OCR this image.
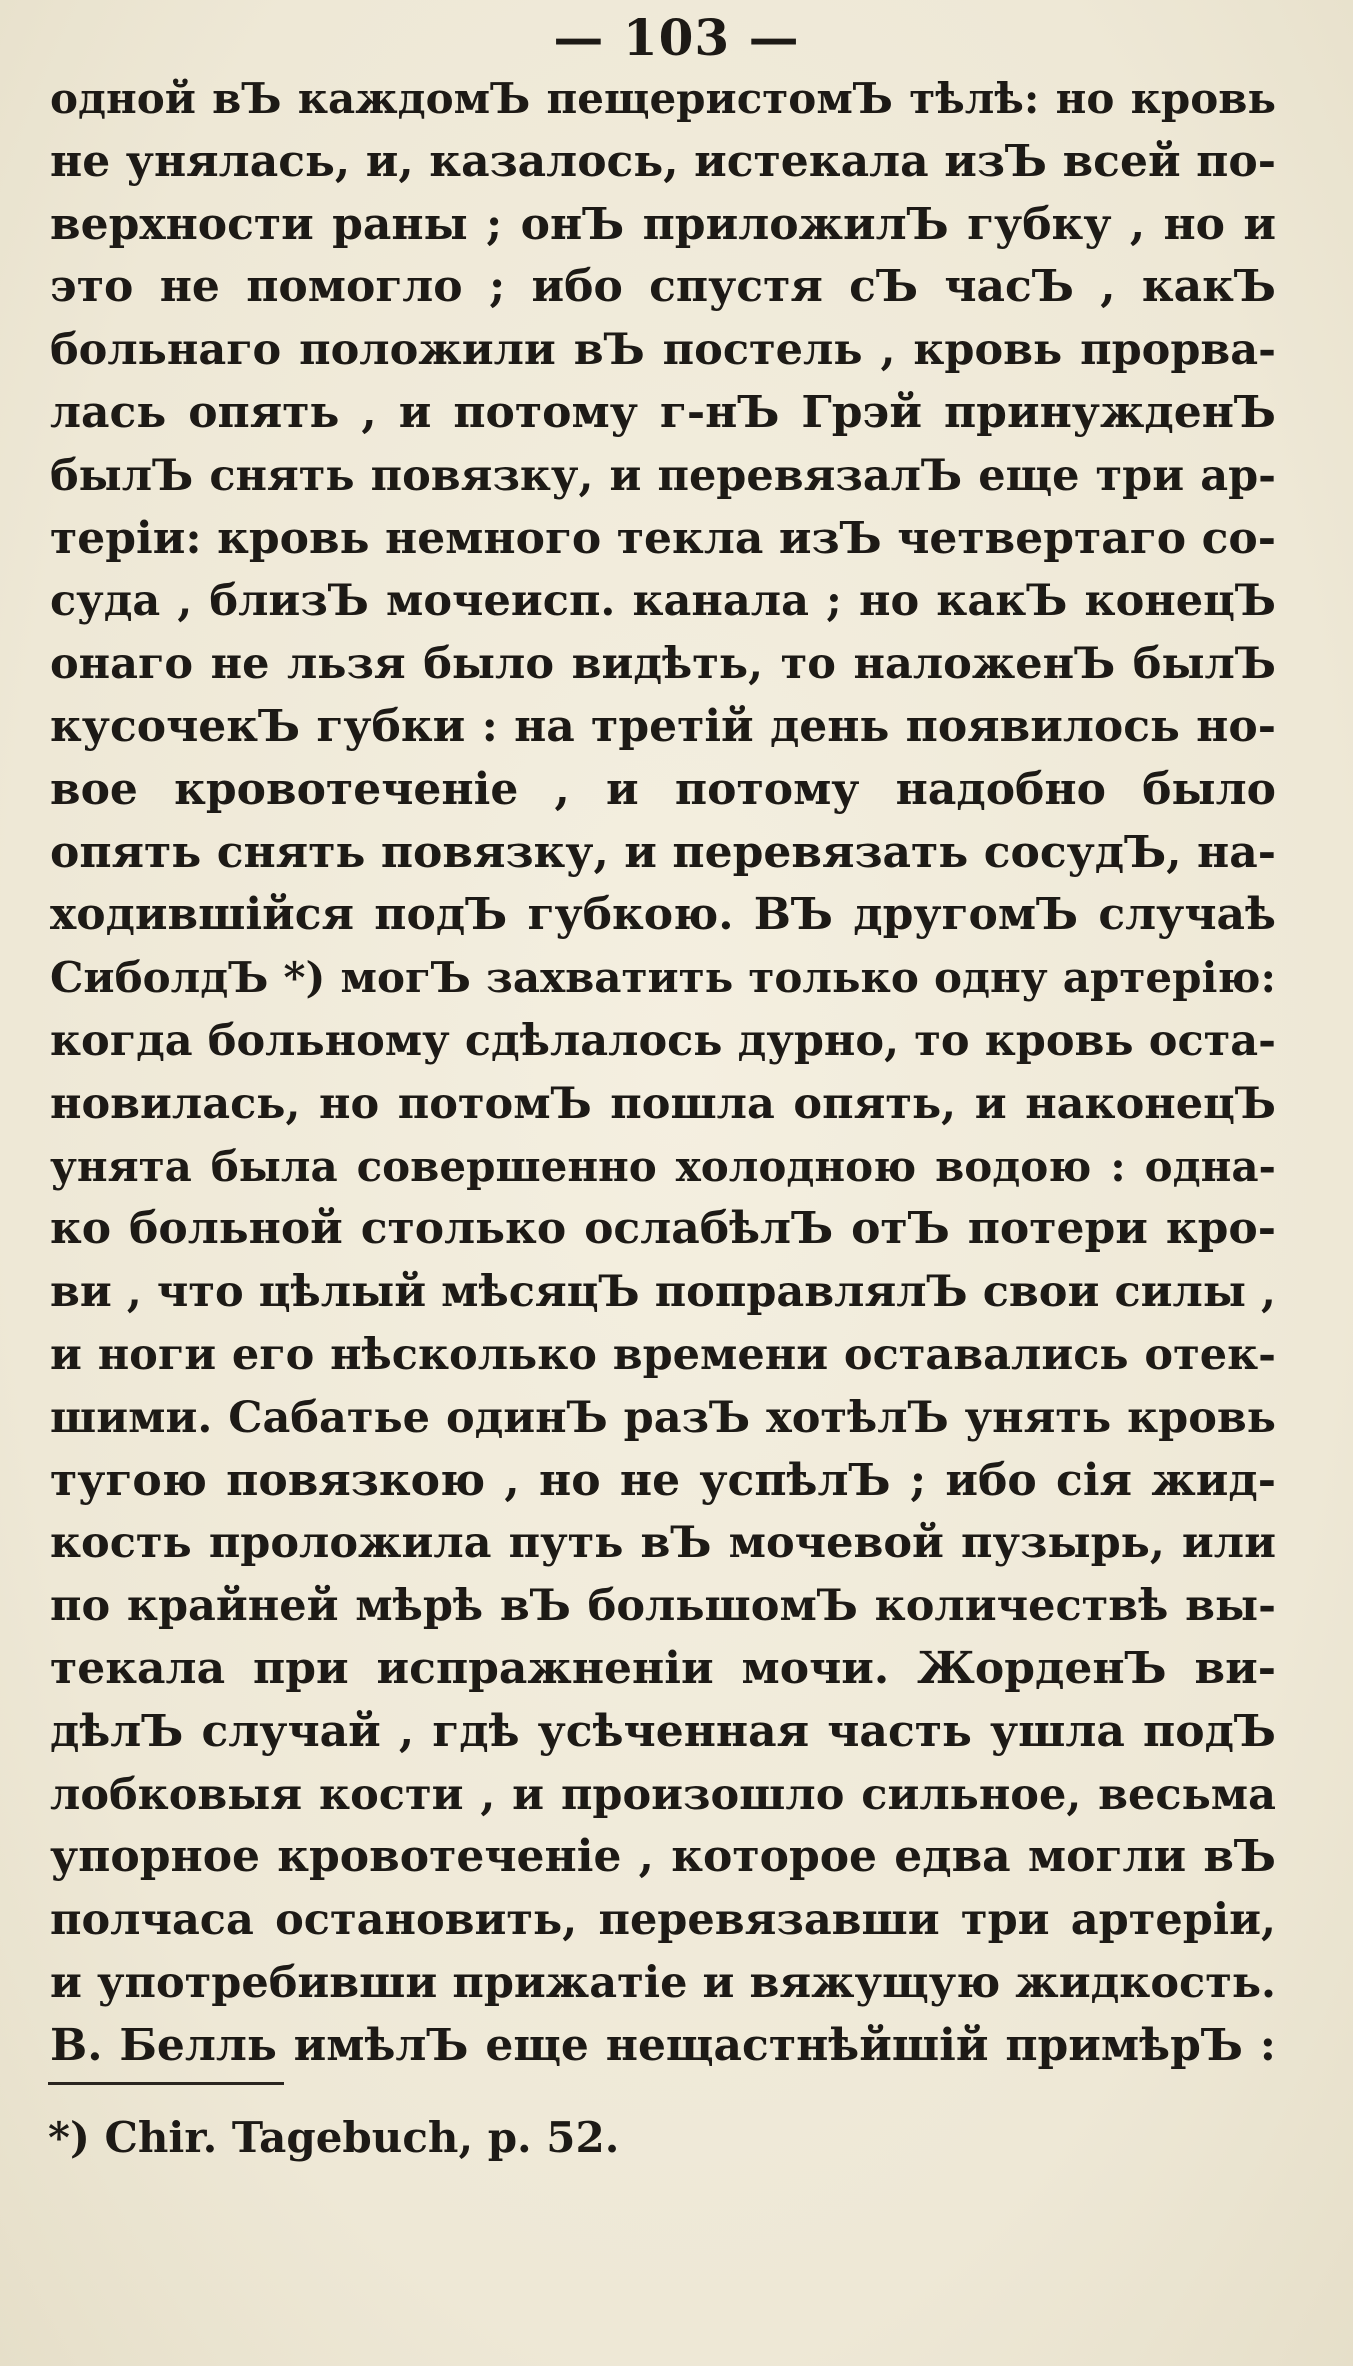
— 103 —
одной вЪ каждомЪ пещеристомЪ тѣлѣ: но кровь
не унялась, и, казалось, истекала изЪ всей по-
верхности раны ; онЪ приложилЪ губку , но и
это не помогло ; ибо спустя сЪ часЪ , какЪ
больнаго положили вЪ постель , кровь прорва-
лась опять , и потому г-нЪ Грэй принужденЪ
былЪ снять повязку, и перевязалЪ еще три ар-
теріи: кровь немного текла изЪ четвертаго со-
суда , близЪ мочеисп. канала ; но какЪ конецЪ
онаго не льзя было видѣть, то наложенЪ былЪ
кусочекЪ губки : на третій день появилось но-
вое кровотеченіе , и потому надобно было
опять снять повязку, и перевязать сосудЪ, на-
ходившійся подЪ губкою. ВЪ другомЪ случаѣ
СиболдЪ *) могЪ захватить только одну артерію:
когда больному сдѣлалось дурно, то кровь оста-
новилась, но потомЪ пошла опять, и наконецЪ
унята была совершенно холодною водою : одна-
ко больной столько ослабѣлЪ отЪ потери кро-
ви , что цѣлый мѣсяцЪ поправлялЪ свои силы ,
и ноги его нѣсколько времени оставались отек-
шими. Сабатье одинЪ разЪ хотѣлЪ унять кровь
тугою повязкою , но не успѣлЪ ; ибо сія жид-
кость проложила путь вЪ мочевой пузырь, или
по крайней мѣрѣ вЪ большомЪ количествѣ вы-
текала при испражненіи мочи. ЖорденЪ ви-
дѣлЪ случай , гдѣ усѣченная часть ушла подЪ
лобковыя кости , и произошло сильное, весьма
упорное кровотеченіе , которое едва могли вЪ
полчаса остановить, перевязавши три артеріи,
и употребивши прижатіе и вяжущую жидкость.
В. Белль имѣлЪ еще нещастнѣйшій примѣрЪ :
*) Chir. Tagebuch, p. 52.
